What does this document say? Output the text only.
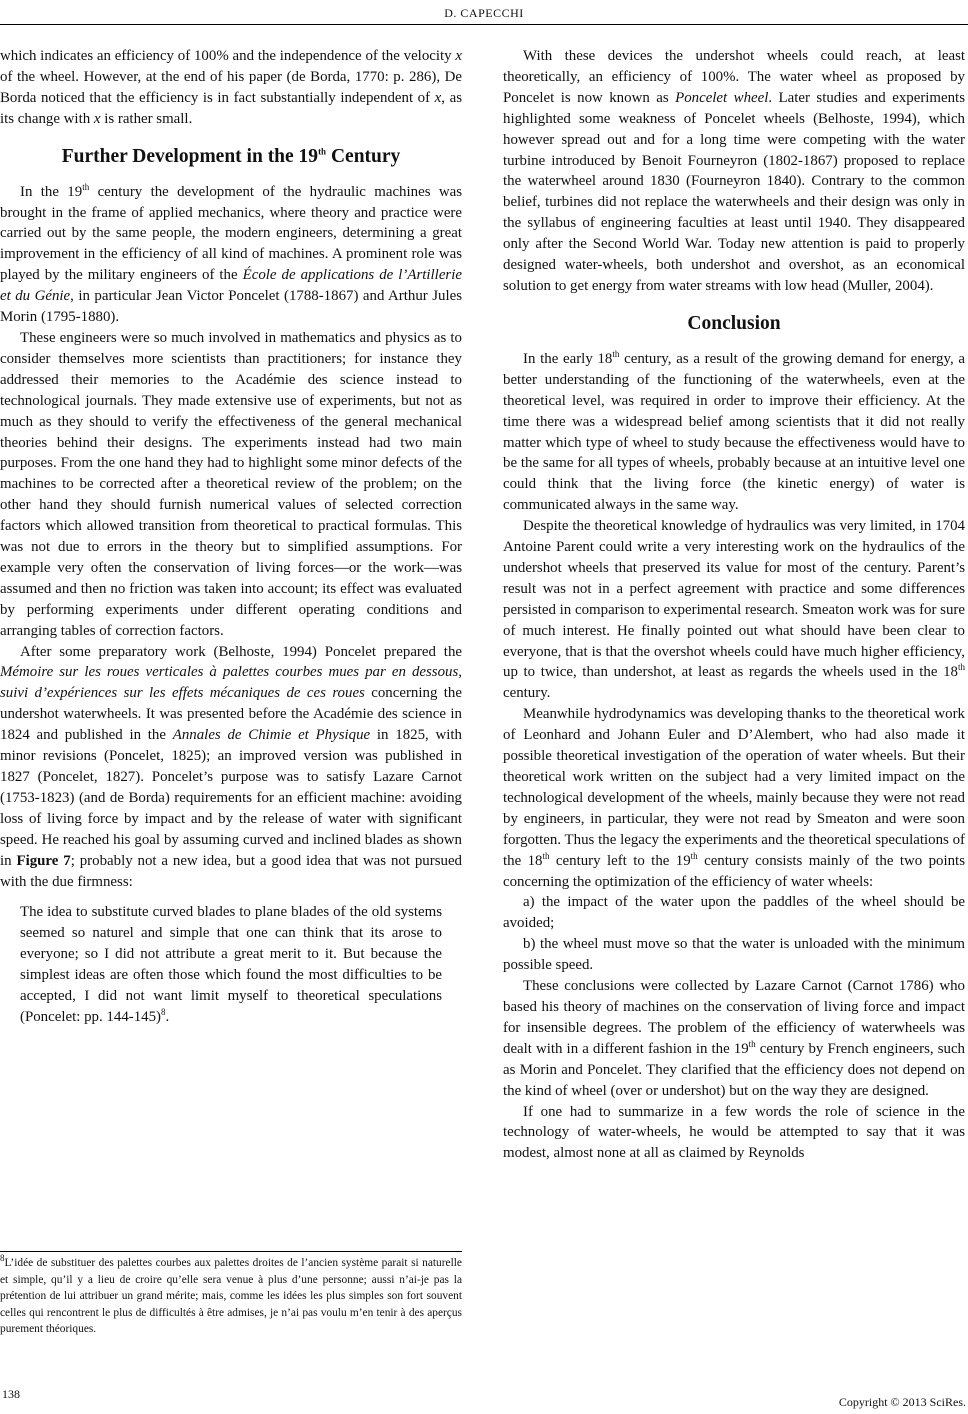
D. CAPECCHI

which indicates an efficiency of 100% and the independence of the velocity x of the wheel. However, at the end of his paper (de Borda, 1770: p. 286), De Borda noticed that the efficiency is in fact substantially independent of x, as its change with x is rather small.

Further Development in the 19th Century

In the 19th century the development of the hydraulic machines was brought in the frame of applied mechanics, where theory and practice were carried out by the same people, the modern engineers, determining a great improvement in the efficiency of all kind of machines. A prominent role was played by the military engineers of the École de applications de l’Artillerie et du Génie, in particular Jean Victor Poncelet (1788-1867) and Arthur Jules Morin (1795-1880).

These engineers were so much involved in mathematics and physics as to consider themselves more scientists than practitioners; for instance they addressed their memories to the Académie des science instead to technological journals. They made extensive use of experiments, but not as much as they should to verify the effectiveness of the general mechanical theories behind their designs. The experiments instead had two main purposes. From the one hand they had to highlight some minor defects of the machines to be corrected after a theoretical review of the problem; on the other hand they should furnish numerical values of selected correction factors which allowed transition from theoretical to practical formulas. This was not due to errors in the theory but to simplified assumptions. For example very often the conservation of living forces—or the work—was assumed and then no friction was taken into account; its effect was evaluated by performing experiments under different operating conditions and arranging tables of correction factors.

After some preparatory work (Belhoste, 1994) Poncelet prepared the Mémoire sur les roues verticales à palettes courbes mues par en dessous, suivi d’expériences sur les effets mécaniques de ces roues concerning the undershot waterwheels. It was presented before the Académie des science in 1824 and published in the Annales de Chimie et Physique in 1825, with minor revisions (Poncelet, 1825); an improved version was published in 1827 (Poncelet, 1827). Poncelet’s purpose was to satisfy Lazare Carnot (1753-1823) (and de Borda) requirements for an efficient machine: avoiding loss of living force by impact and by the release of water with significant speed. He reached his goal by assuming curved and inclined blades as shown in Figure 7; probably not a new idea, but a good idea that was not pursued with the due firmness:

The idea to substitute curved blades to plane blades of the old systems seemed so naturel and simple that one can think that its arose to everyone; so I did not attribute a great merit to it. But because the simplest ideas are often those which found the most difficulties to be accepted, I did not want limit myself to theoretical speculations (Poncelet: pp. 144-145)$^8$.
$^8$L’idée de substituer des palettes courbes aux palettes droites de l’ancien système parait si naturelle et simple, qu’il y a lieu de croire qu’elle sera venue à plus d’une personne; aussi n’ai-je pas la prétention de lui attribuer un grand mérite; mais, comme les idées les plus simples son fort souvent celles qui rencontrent le plus de difficultés à être admises, je n’ai pas voulu m’en tenir à des aperçus purement théoriques.

With these devices the undershot wheels could reach, at least theoretically, an efficiency of 100%. The water wheel as proposed by Poncelet is now known as Poncelet wheel. Later studies and experiments highlighted some weakness of Poncelet wheels (Belhoste, 1994), which however spread out and for a long time were competing with the water turbine introduced by Benoit Fourneyron (1802-1867) proposed to replace the waterwheel around 1830 (Fourneyron 1840). Contrary to the common belief, turbines did not replace the waterwheels and their design was only in the syllabus of engineering faculties at least until 1940. They disappeared only after the Second World War. Today new attention is paid to properly designed water-wheels, both undershot and overshot, as an economical solution to get energy from water streams with low head (Muller, 2004).

Conclusion

In the early 18th century, as a result of the growing demand for energy, a better understanding of the functioning of the waterwheels, even at the theoretical level, was required in order to improve their efficiency. At the time there was a widespread belief among scientists that it did not really matter which type of wheel to study because the effectiveness would have to be the same for all types of wheels, probably because at an intuitive level one could think that the living force (the kinetic energy) of water is communicated always in the same way.

Despite the theoretical knowledge of hydraulics was very limited, in 1704 Antoine Parent could write a very interesting work on the hydraulics of the undershot wheels that preserved its value for most of the century. Parent’s result was not in a perfect agreement with practice and some differences persisted in comparison to experimental research. Smeaton work was for sure of much interest. He finally pointed out what should have been clear to everyone, that is that the overshot wheels could have much higher efficiency, up to twice, than undershot, at least as regards the wheels used in the 18th century.

Meanwhile hydrodynamics was developing thanks to the theoretical work of Leonhard and Johann Euler and D’Alembert, who had also made it possible theoretical investigation of the operation of water wheels. But their theoretical work written on the subject had a very limited impact on the technological development of the wheels, mainly because they were not read by engineers, in particular, they were not read by Smeaton and were soon forgotten. Thus the legacy the experiments and the theoretical speculations of the 18th century left to the 19th century consists mainly of the two points concerning the optimization of the efficiency of water wheels:

a) the impact of the water upon the paddles of the wheel should be avoided;

b) the wheel must move so that the water is unloaded with the minimum possible speed.

These conclusions were collected by Lazare Carnot (Carnot 1786) who based his theory of machines on the conservation of living force and impact for insensible degrees. The problem of the efficiency of waterwheels was dealt with in a different fashion in the 19th century by French engineers, such as Morin and Poncelet. They clarified that the efficiency does not depend on the kind of wheel (over or undershot) but on the way they are designed.

If one had to summarize in a few words the role of science in the technology of water-wheels, he would be attempted to say that it was modest, almost none at all as claimed by Reynolds

138
Copyright © 2013 SciRes.
